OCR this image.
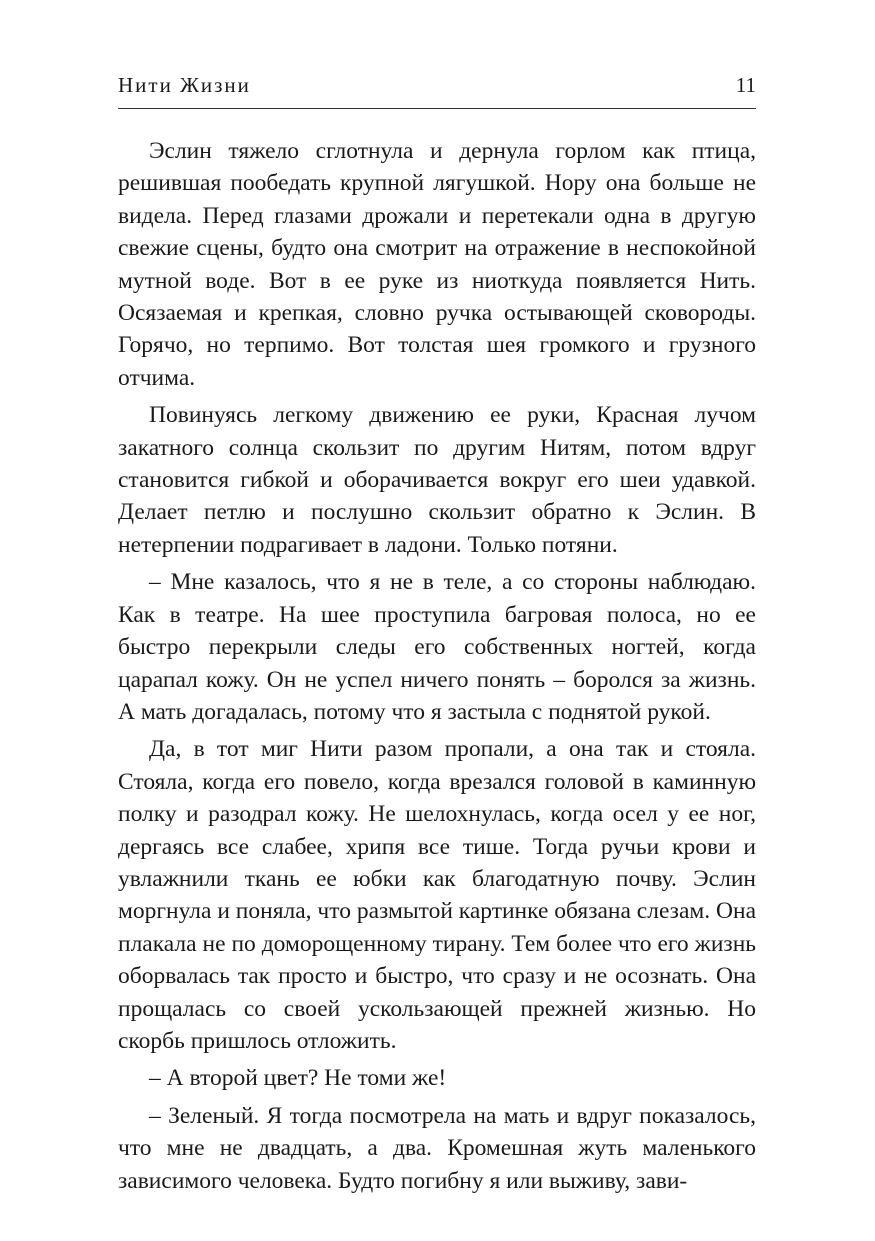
Нити Жизни	11

Эслин тяжело сглотнула и дернула горлом как птица, решившая пообедать крупной лягушкой. Нору она больше не видела. Перед глазами дрожали и перетекали одна в другую свежие сцены, будто она смотрит на отражение в неспокойной мутной воде. Вот в ее руке из ниоткуда появляется Нить. Осязаемая и крепкая, словно ручка остывающей сковороды. Горячо, но терпимо. Вот толстая шея громкого и грузного отчима.

Повинуясь легкому движению ее руки, Красная лучом закатного солнца скользит по другим Нитям, потом вдруг становится гибкой и оборачивается вокруг его шеи удавкой. Делает петлю и послушно скользит обратно к Эслин. В нетерпении подрагивает в ладони. Только потяни.

– Мне казалось, что я не в теле, а со стороны наблюдаю. Как в театре. На шее проступила багровая полоса, но ее быстро перекрыли следы его собственных ногтей, когда царапал кожу. Он не успел ничего понять – боролся за жизнь. А мать догадалась, потому что я застыла с поднятой рукой.

Да, в тот миг Нити разом пропали, а она так и стояла. Стояла, когда его повело, когда врезался головой в каминную полку и разодрал кожу. Не шелохнулась, когда осел у ее ног, дергаясь все слабее, хрипя все тише. Тогда ручьи крови и увлажнили ткань ее юбки как благодатную почву. Эслин моргнула и поняла, что размытой картинке обязана слезам. Она плакала не по доморощенному тирану. Тем более что его жизнь оборвалась так просто и быстро, что сразу и не осознать. Она прощалась со своей ускользающей прежней жизнью. Но скорбь пришлось отложить.

– А второй цвет? Не томи же!

– Зеленый. Я тогда посмотрела на мать и вдруг показалось, что мне не двадцать, а два. Кромешная жуть маленького зависимого человека. Будто погибну я или выживу, зави-
